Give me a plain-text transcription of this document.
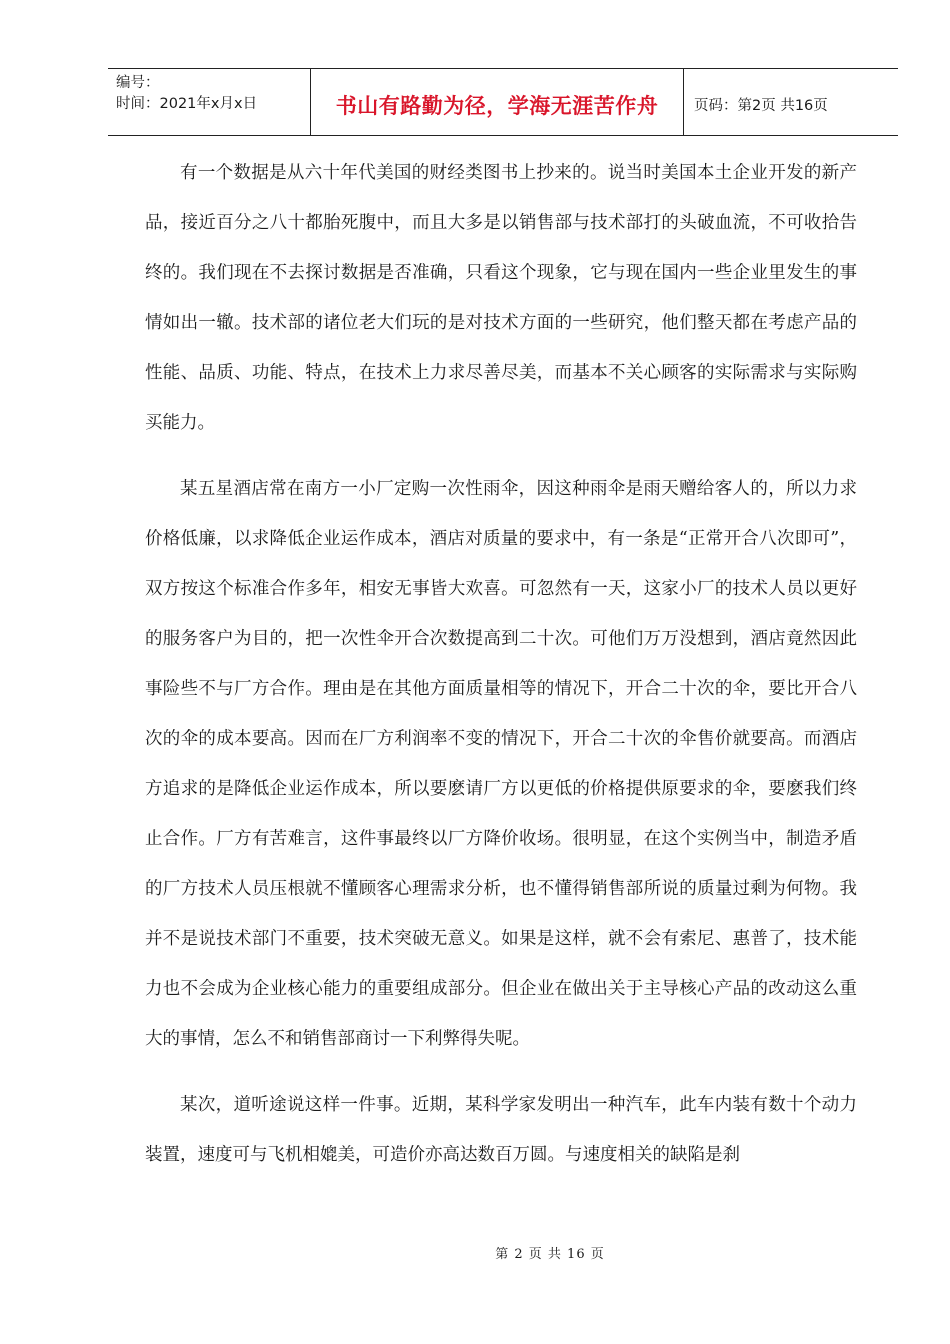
编号：
时间：2021年x月x日	书山有路勤为径，学海无涯苦作舟	页码：第2页 共16页

有一个数据是从六十年代美国的财经类图书上抄来的。说当时美国本土企业开发的新产品，接近百分之八十都胎死腹中，而且大多是以销售部与技术部打的头破血流，不可收拾告终的。我们现在不去探讨数据是否准确，只看这个现象，它与现在国内一些企业里发生的事情如出一辙。技术部的诸位老大们玩的是对技术方面的一些研究，他们整天都在考虑产品的性能、品质、功能、特点，在技术上力求尽善尽美，而基本不关心顾客的实际需求与实际购买能力。

某五星酒店常在南方一小厂定购一次性雨伞，因这种雨伞是雨天赠给客人的，所以力求价格低廉，以求降低企业运作成本，酒店对质量的要求中，有一条是“正常开合八次即可”，双方按这个标准合作多年，相安无事皆大欢喜。可忽然有一天，这家小厂的技术人员以更好的服务客户为目的，把一次性伞开合次数提高到二十次。可他们万万没想到，酒店竟然因此事险些不与厂方合作。理由是在其他方面质量相等的情况下，开合二十次的伞，要比开合八次的伞的成本要高。因而在厂方利润率不变的情况下，开合二十次的伞售价就要高。而酒店方追求的是降低企业运作成本，所以要麽请厂方以更低的价格提供原要求的伞，要麽我们终止合作。厂方有苦难言，这件事最终以厂方降价收场。很明显，在这个实例当中，制造矛盾的厂方技术人员压根就不懂顾客心理需求分析，也不懂得销售部所说的质量过剩为何物。我并不是说技术部门不重要，技术突破无意义。如果是这样，就不会有索尼、惠普了，技术能力也不会成为企业核心能力的重要组成部分。但企业在做出关于主导核心产品的改动这么重大的事情，怎么不和销售部商讨一下利弊得失呢。

某次，道听途说这样一件事。近期，某科学家发明出一种汽车，此车内装有数十个动力装置，速度可与飞机相媲美，可造价亦高达数百万圆。与速度相关的缺陷是刹

第 2 页 共 16 页
